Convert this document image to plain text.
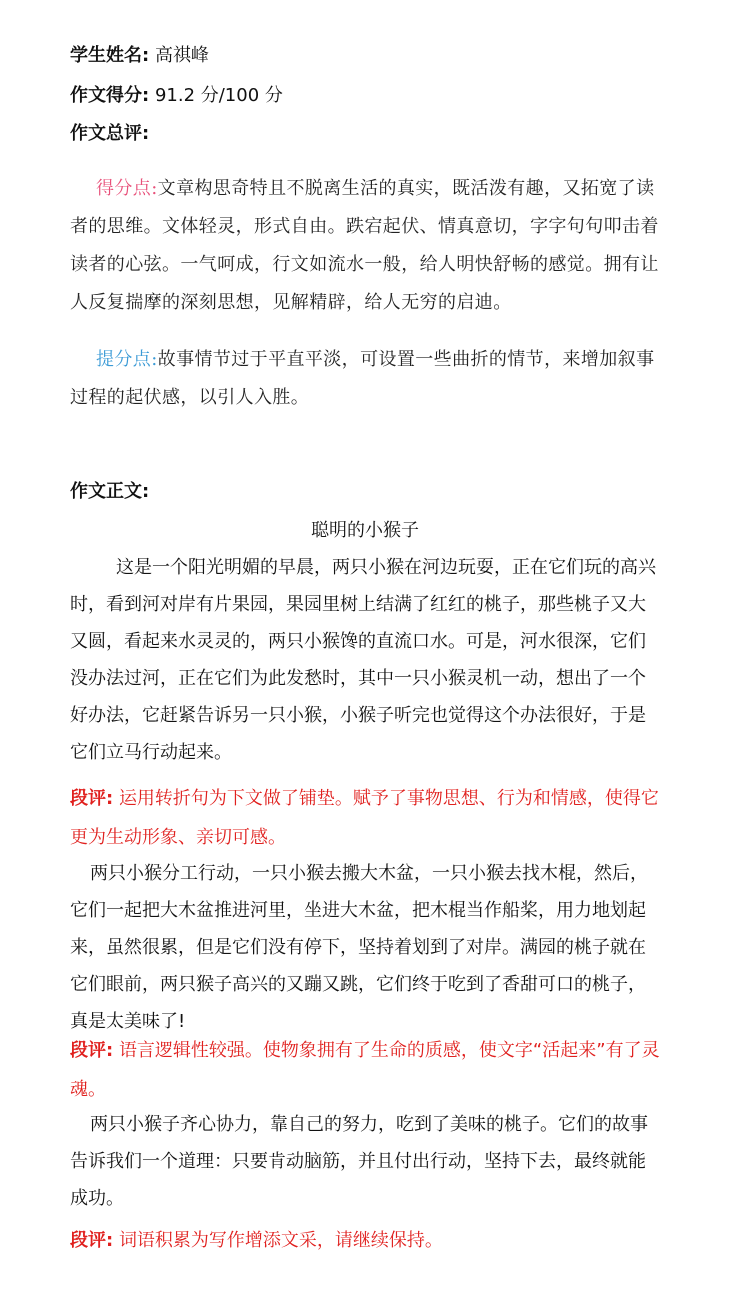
学生姓名: 高祺峰
作文得分: 91.2 分/100 分
作文总评:

得分点:文章构思奇特且不脱离生活的真实，既活泼有趣，又拓宽了读者的思维。文体轻灵，形式自由。跌宕起伏、情真意切，字字句句叩击着读者的心弦。一气呵成，行文如流水一般，给人明快舒畅的感觉。拥有让人反复揣摩的深刻思想，见解精辟，给人无穷的启迪。

提分点:故事情节过于平直平淡，可设置一些曲折的情节，来增加叙事过程的起伏感，以引人入胜。

作文正文:
聪明的小猴子

这是一个阳光明媚的早晨，两只小猴在河边玩耍，正在它们玩的高兴时，看到河对岸有片果园，果园里树上结满了红红的桃子，那些桃子又大又圆，看起来水灵灵的，两只小猴馋的直流口水。可是，河水很深，它们没办法过河，正在它们为此发愁时，其中一只小猴灵机一动，想出了一个好办法，它赶紧告诉另一只小猴，小猴子听完也觉得这个办法很好，于是它们立马行动起来。

段评: 运用转折句为下文做了铺垫。赋予了事物思想、行为和情感，使得它更为生动形象、亲切可感。

两只小猴分工行动，一只小猴去搬大木盆，一只小猴去找木棍，然后，它们一起把大木盆推进河里，坐进大木盆，把木棍当作船桨，用力地划起来，虽然很累，但是它们没有停下，坚持着划到了对岸。满园的桃子就在它们眼前，两只猴子高兴的又蹦又跳，它们终于吃到了香甜可口的桃子，真是太美味了!

段评: 语言逻辑性较强。使物象拥有了生命的质感，使文字“活起来”有了灵魂。

两只小猴子齐心协力，靠自己的努力，吃到了美味的桃子。它们的故事告诉我们一个道理：只要肯动脑筋，并且付出行动，坚持下去，最终就能成功。

段评: 词语积累为写作增添文采，请继续保持。
